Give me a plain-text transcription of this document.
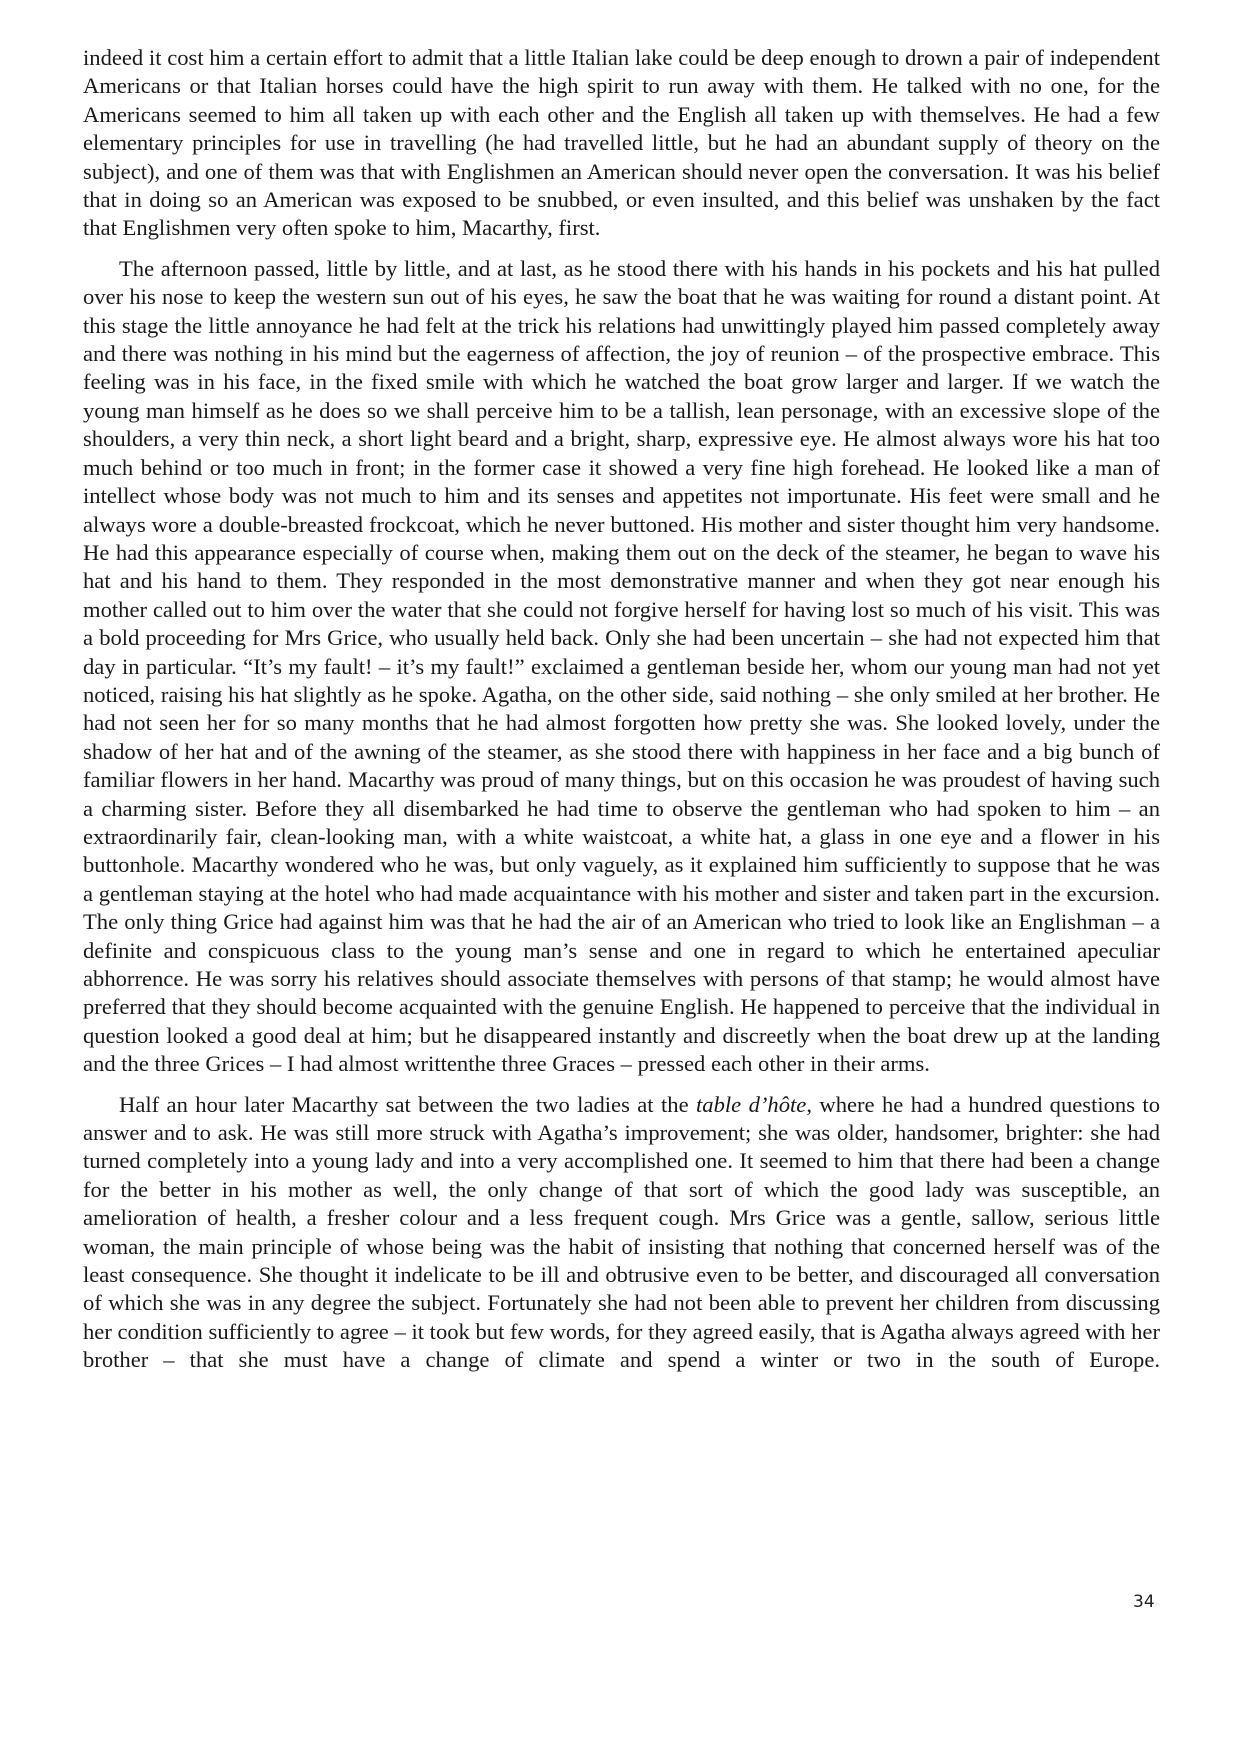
indeed it cost him a certain effort to admit that a little Italian lake could be deep enough to drown a pair of independent Americans or that Italian horses could have the high spirit to run away with them. He talked with no one, for the Americans seemed to him all taken up with each other and the English all taken up with themselves. He had a few elementary principles for use in travelling (he had travelled little, but he had an abundant supply of theory on the subject), and one of them was that with Englishmen an American should never open the conversation. It was his belief that in doing so an American was exposed to be snubbed, or even insulted, and this belief was unshaken by the fact that Englishmen very often spoke to him, Macarthy, first.

The afternoon passed, little by little, and at last, as he stood there with his hands in his pockets and his hat pulled over his nose to keep the western sun out of his eyes, he saw the boat that he was waiting for round a distant point. At this stage the little annoyance he had felt at the trick his relations had unwittingly played him passed completely away and there was nothing in his mind but the eagerness of affection, the joy of reunion – of the prospective embrace. This feeling was in his face, in the fixed smile with which he watched the boat grow larger and larger. If we watch the young man himself as he does so we shall perceive him to be a tallish, lean personage, with an excessive slope of the shoulders, a very thin neck, a short light beard and a bright, sharp, expressive eye. He almost always wore his hat too much behind or too much in front; in the former case it showed a very fine high forehead. He looked like a man of intellect whose body was not much to him and its senses and appetites not importunate. His feet were small and he always wore a double-breasted frockcoat, which he never buttoned. His mother and sister thought him very handsome. He had this appearance especially of course when, making them out on the deck of the steamer, he began to wave his hat and his hand to them. They responded in the most demonstrative manner and when they got near enough his mother called out to him over the water that she could not forgive herself for having lost so much of his visit. This was a bold proceeding for Mrs Grice, who usually held back. Only she had been uncertain – she had not expected him that day in particular. “It’s my fault! – it’s my fault!” exclaimed a gentleman beside her, whom our young man had not yet noticed, raising his hat slightly as he spoke. Agatha, on the other side, said nothing – she only smiled at her brother. He had not seen her for so many months that he had almost forgotten how pretty she was. She looked lovely, under the shadow of her hat and of the awning of the steamer, as she stood there with happiness in her face and a big bunch of familiar flowers in her hand. Macarthy was proud of many things, but on this occasion he was proudest of having such a charming sister. Before they all disembarked he had time to observe the gentleman who had spoken to him – an extraordinarily fair, clean-looking man, with a white waistcoat, a white hat, a glass in one eye and a flower in his buttonhole. Macarthy wondered who he was, but only vaguely, as it explained him sufficiently to suppose that he was a gentleman staying at the hotel who had made acquaintance with his mother and sister and taken part in the excursion. The only thing Grice had against him was that he had the air of an American who tried to look like an Englishman – a definite and conspicuous class to the young man’s sense and one in regard to which he entertained apeculiar abhorrence. He was sorry his relatives should associate themselves with persons of that stamp; he would almost have preferred that they should become acquainted with the genuine English. He happened to perceive that the individual in question looked a good deal at him; but he disappeared instantly and discreetly when the boat drew up at the landing and the three Grices – I had almost writtenthe three Graces – pressed each other in their arms.

Half an hour later Macarthy sat between the two ladies at the table d’hôte, where he had a hundred questions to answer and to ask. He was still more struck with Agatha’s improvement; she was older, handsomer, brighter: she had turned completely into a young lady and into a very accomplished one. It seemed to him that there had been a change for the better in his mother as well, the only change of that sort of which the good lady was susceptible, an amelioration of health, a fresher colour and a less frequent cough. Mrs Grice was a gentle, sallow, serious little woman, the main principle of whose being was the habit of insisting that nothing that concerned herself was of the least consequence. She thought it indelicate to be ill and obtrusive even to be better, and discouraged all conversation of which she was in any degree the subject. Fortunately she had not been able to prevent her children from discussing her condition sufficiently to agree – it took but few words, for they agreed easily, that is Agatha always agreed with her brother – that she must have a change of climate and spend a winter or two in the south of Europe.

34
